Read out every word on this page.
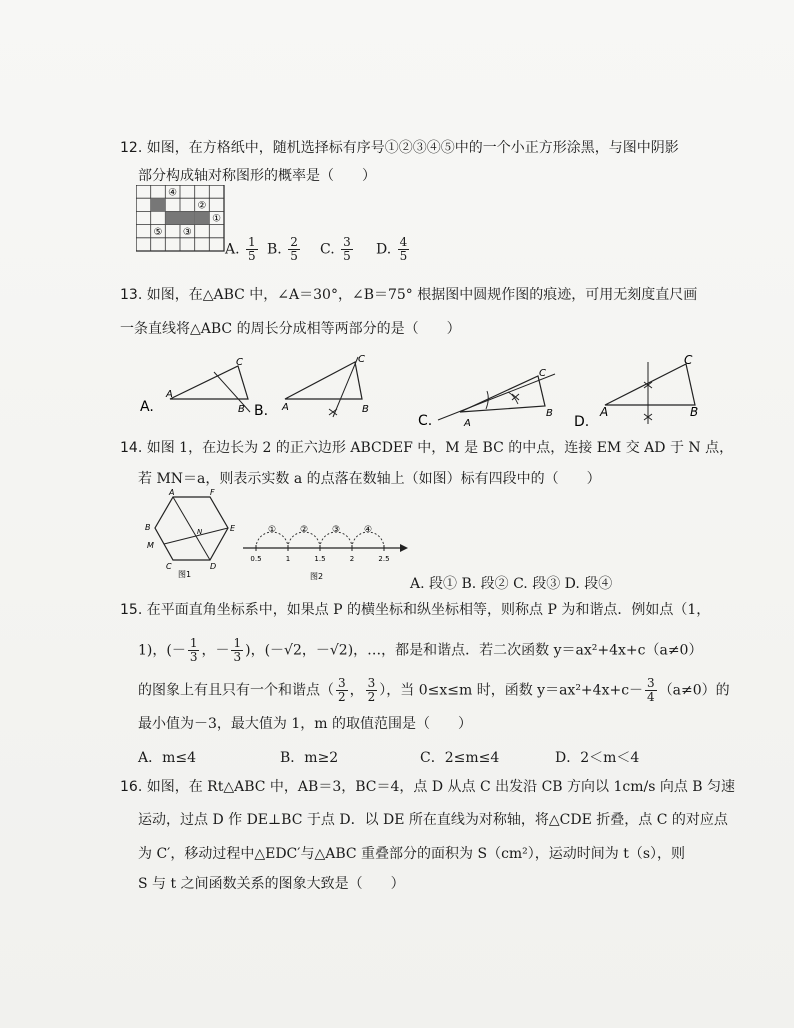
12. 如图，在方格纸中，随机选择标有序号①②③④⑤中的一个小正方形涂黑，与图中阴影
部分构成轴对称图形的概率是（　　）
④
②
①
⑤ ③
A. $\frac{1}{5} B$. $\frac{2}{5} C$. $\frac{3}{5} D$. $\frac{4}{5}$
13. 如图，在△ABC 中，∠A＝30°，∠B＝75° 根据图中圆规作图的痕迹，可用无刻度直尺画
一条直线将△ABC 的周长分成相等两部分的是（　　）
A.
A
B
C
B. A	B
C
C.	A
B
C
D.
A	B
C
14. 如图 1，在边长为 2 的正六边形 ABCDEF 中，M 是 BC 的中点，连接 EM 交 AD 于 N 点，
若 MN＝a，则表示实数 a 的点落在数轴上（如图）标有四段中的（　　）
A	F
B	N	E
M
C	D
图1
①	②	③	④
0.5	1	1.5	2	2.5
图2	A. 段① B. 段② C. 段③ D. 段④
15. 在平面直角坐标系中，如果点 P 的横坐标和纵坐标相等，则称点 P 为和谐点．例如点（1，
1)，(－ $\frac{1}{3}$ ，－ $\frac{1}{3}$ )，(－√2，－√2)，…，都是和谐点．若二次函数 y＝ax²+4x+c（a≠0）
的图象上有且只有一个和谐点（ $\frac{3}{2}$ ， $\frac{3}{2}$ ），当 0≤x≤m 时，函数 $y=ax^2+4x+c- \frac{3}{4} (a\ne 0)$的
最小值为－3，最大值为 1，m 的取值范围是（　　）
A．m≤4	B．m≥2	C．2≤m≤4	D．2＜m＜4
16. 如图，在 Rt△ABC 中，AB＝3，BC＝4，点 D 从点 C 出发沿 CB 方向以 1cm/s 向点 B 匀速
运动，过点 D 作 DE⊥BC 于点 D．以 DE 所在直线为对称轴，将△CDE 折叠，点 C 的对应点
为 C′，移动过程中△EDC′与△ABC 重叠部分的面积为 S（cm²），运动时间为 t（s），则
S 与 t 之间函数关系的图象大致是（　　）
